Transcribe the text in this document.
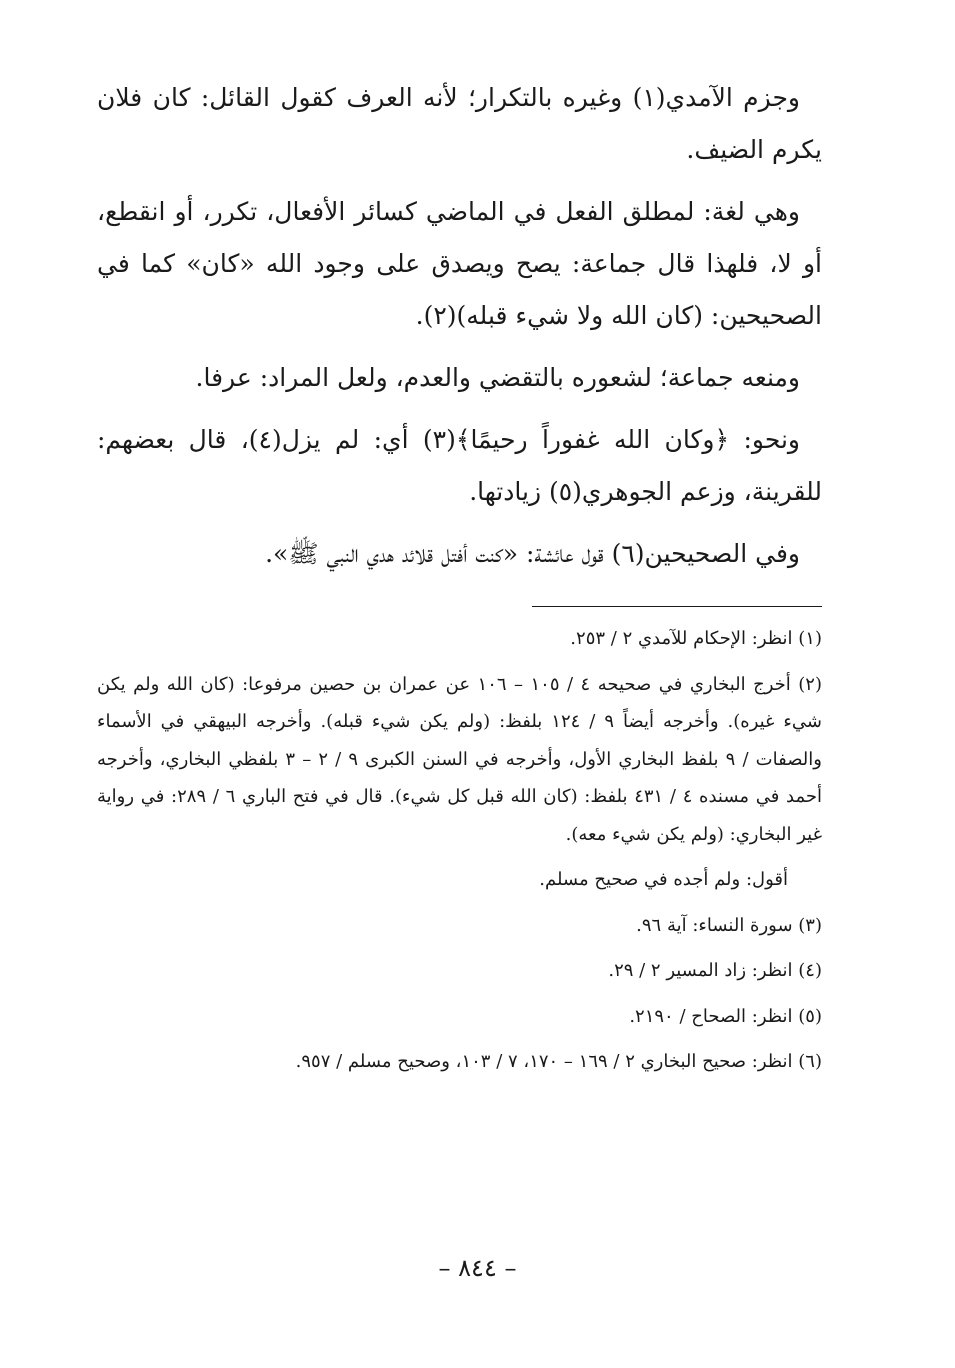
وجزم الآمدي(١) وغيره بالتكرار؛ لأنه العرف كقول القائل: كان فلان يكرم الضيف.

وهي لغة: لمطلق الفعل في الماضي كسائر الأفعال، تكرر، أو انقطع، أو لا، فلهذا قال جماعة: يصح ويصدق على وجود الله «كان» كما في الصحيحين: (كان الله ولا شيء قبله)(٢).

ومنعه جماعة؛ لشعوره بالتقضي والعدم، ولعل المراد: عرفا.

ونحو: ﴿وكان الله غفوراً رحيمًا﴾(٣) أي: لم يزل(٤)، قال بعضهم: للقرينة، وزعم الجوهري(٥) زيادتها.

وفي الصحيحين(٦) قول عائشة: «كنت أفتل قلائد هدي النبي ﷺ».

(١) انظر: الإحكام للآمدي ٢ / ٢٥٣.

(٢) أخرج البخاري في صحيحه ٤ / ١٠٥ – ١٠٦ عن عمران بن حصين مرفوعا: (كان الله ولم يكن شيء غيره). وأخرجه أيضاً ٩ / ١٢٤ بلفظ: (ولم يكن شيء قبله). وأخرجه البيهقي في الأسماء والصفات / ٩ بلفظ البخاري الأول، وأخرجه في السنن الكبرى ٩ / ٢ – ٣ بلفظي البخاري، وأخرجه أحمد في مسنده ٤ / ٤٣١ بلفظ: (كان الله قبل كل شيء). قال في فتح الباري ٦ / ٢٨٩: في رواية غير البخاري: (ولم يكن شيء معه).

أقول: ولم أجده في صحيح مسلم.

(٣) سورة النساء: آية ٩٦.

(٤) انظر: زاد المسير ٢ / ٢٩.

(٥) انظر: الصحاح / ٢١٩٠.

(٦) انظر: صحيح البخاري ٢ / ١٦٩ – ١٧٠، ٧ / ١٠٣، وصحيح مسلم / ٩٥٧.

– ٨٤٤ –
